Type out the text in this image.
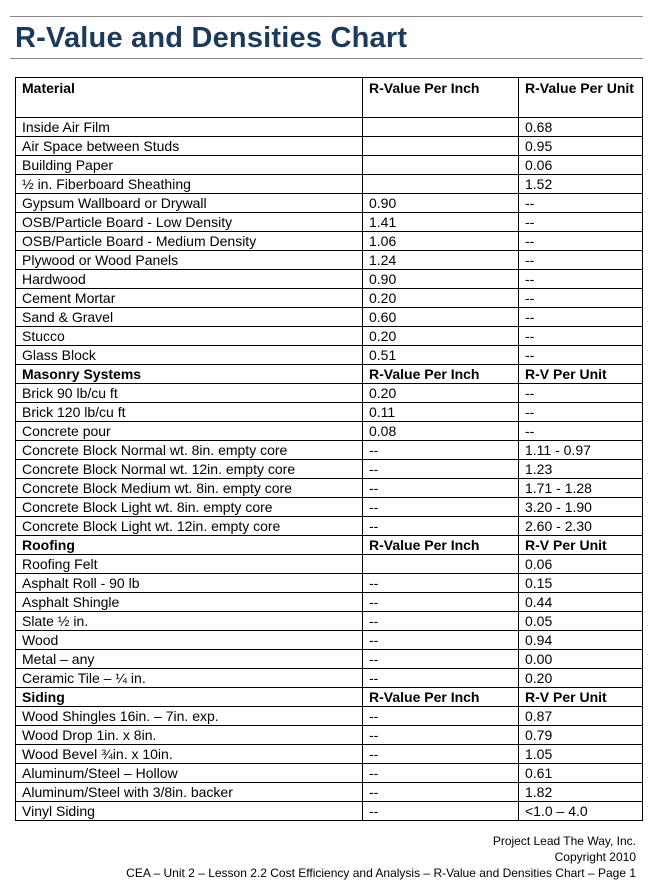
R-Value and Densities Chart
Material	R-Value Per Inch	R-Value Per Unit
Inside Air Film		0.68
Air Space between Studs		0.95
Building Paper		0.06
½ in. Fiberboard Sheathing		1.52
Gypsum Wallboard or Drywall	0.90	--
OSB/Particle Board - Low Density	1.41	--
OSB/Particle Board - Medium Density	1.06	--
Plywood or Wood Panels	1.24	--
Hardwood	0.90	--
Cement Mortar	0.20	--
Sand & Gravel	0.60	--
Stucco	0.20	--
Glass Block	0.51	--
Masonry Systems	R-Value Per Inch	R-V Per Unit
Brick 90 lb/cu ft	0.20	--
Brick 120 lb/cu ft	0.11	--
Concrete pour	0.08	--
Concrete Block Normal wt. 8in. empty core	--	1.11 - 0.97
Concrete Block Normal wt. 12in. empty core	--	1.23
Concrete Block Medium wt. 8in. empty core	--	1.71 - 1.28
Concrete Block Light wt. 8in. empty core	--	3.20 - 1.90
Concrete Block Light wt. 12in. empty core	--	2.60 - 2.30
Roofing	R-Value Per Inch	R-V Per Unit
Roofing Felt		0.06
Asphalt Roll - 90 lb	--	0.15
Asphalt Shingle	--	0.44
Slate ½ in.	--	0.05
Wood	--	0.94
Metal – any	--	0.00
Ceramic Tile – ¼ in.	--	0.20
Siding	R-Value Per Inch	R-V Per Unit
Wood Shingles 16in. – 7in. exp.	--	0.87
Wood Drop 1in. x 8in.	--	0.79
Wood Bevel ¾in. x 10in.	--	1.05
Aluminum/Steel – Hollow	--	0.61
Aluminum/Steel with 3/8in. backer	--	1.82
Vinyl Siding	--	<1.0 – 4.0
Project Lead The Way, Inc.
Copyright 2010
CEA – Unit 2 – Lesson 2.2 Cost Efficiency and Analysis – R-Value and Densities Chart – Page 1
